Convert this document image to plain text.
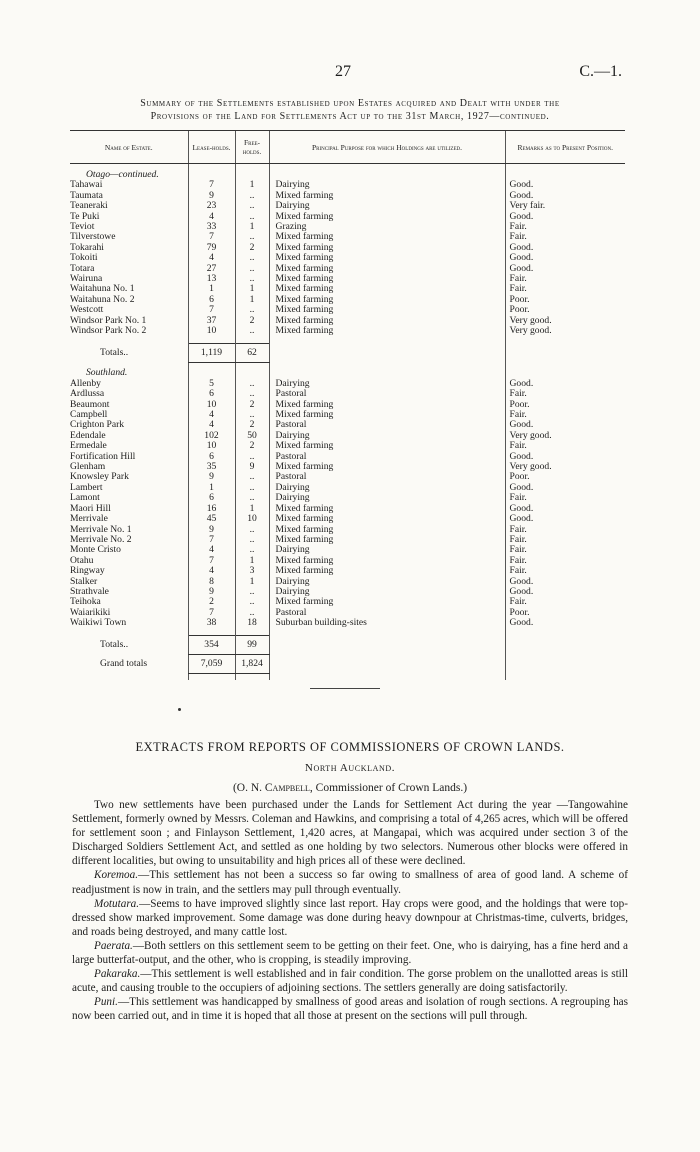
27	C.—1.
Summary of the Settlements established upon Estates acquired and Dealt with under the
Provisions of the Land for Settlements Act up to the 31st March, 1927—continued.
Name of Estate.	Lease-holds.	Free-holds.	Principal Purpose for which Holdings are utilized.	Remarks as to Present Position.
Otago—continued.				
Tahawai	7	1	Dairying	Good.
Taumata	9	..	Mixed farming	Good.
Teaneraki	23	..	Dairying	Very fair.
Te Puki	4	..	Mixed farming	Good.
Teviot	33	1	Grazing	Fair.
Tilverstowe	7	..	Mixed farming	Fair.
Tokarahi	79	2	Mixed farming	Good.
Tokoiti	4	..	Mixed farming	Good.
Totara	27	..	Mixed farming	Good.
Wairuna	13	..	Mixed farming	Fair.
Waitahuna No. 1	1	1	Mixed farming	Fair.
Waitahuna No. 2	6	1	Mixed farming	Poor.
Westcott	7	..	Mixed farming	Poor.
Windsor Park No. 1	37	2	Mixed farming	Very good.
Windsor Park No. 2	10	..	Mixed farming	Very good.

Totals..	1,119	62		
Southland.				
Allenby	5	..	Dairying	Good.
Ardlussa	6	..	Pastoral	Fair.
Beaumont	10	2	Mixed farming	Poor.
Campbell	4	..	Mixed farming	Fair.
Crighton Park	4	2	Pastoral	Good.
Edendale	102	50	Dairying	Very good.
Ermedale	10	2	Mixed farming	Fair.
Fortification Hill	6	..	Pastoral	Good.
Glenham	35	9	Mixed farming	Very good.
Knowsley Park	9	..	Pastoral	Poor.
Lambert	1	..	Dairying	Good.
Lamont	6	..	Dairying	Fair.
Maori Hill	16	1	Mixed farming	Good.
Merrivale	45	10	Mixed farming	Good.
Merrivale No. 1	9	..	Mixed farming	Fair.
Merrivale No. 2	7	..	Mixed farming	Fair.
Monte Cristo	4	..	Dairying	Fair.
Otahu	7	1	Mixed farming	Fair.
Ringway	4	3	Mixed farming	Fair.
Stalker	8	1	Dairying	Good.
Strathvale	9	..	Dairying	Good.
Teihoka	2	..	Mixed farming	Fair.
Waiarikiki	7	..	Pastoral	Poor.
Waikiwi Town	38	18	Suburban building-sites	Good.

Totals..	354	99		
Grand totals	7,059	1,824		

EXTRACTS FROM REPORTS OF COMMISSIONERS OF CROWN LANDS.
North Auckland.
(O. N. Campbell, Commissioner of Crown Lands.)

Two new settlements have been purchased under the Lands for Settlement Act during the year —Tangowahine Settlement, formerly owned by Messrs. Coleman and Hawkins, and comprising a total of 4,265 acres, which will be offered for settlement soon ; and Finlayson Settlement, 1,420 acres, at Mangapai, which was acquired under section 3 of the Discharged Soldiers Settlement Act, and settled as one holding by two selectors. Numerous other blocks were offered in different localities, but owing to unsuitability and high prices all of these were declined.

Koremoa.—This settlement has not been a success so far owing to smallness of area of good land. A scheme of readjustment is now in train, and the settlers may pull through eventually.

Motutara.—Seems to have improved slightly since last report. Hay crops were good, and the holdings that were top-dressed show marked improvement. Some damage was done during heavy downpour at Christmas-time, culverts, bridges, and roads being destroyed, and many cattle lost.

Paerata.—Both settlers on this settlement seem to be getting on their feet. One, who is dairying, has a fine herd and a large butterfat-output, and the other, who is cropping, is steadily improving.

Pakaraka.—This settlement is well established and in fair condition. The gorse problem on the unallotted areas is still acute, and causing trouble to the occupiers of adjoining sections. The settlers generally are doing satisfactorily.

Puni.—This settlement was handicapped by smallness of good areas and isolation of rough sections. A regrouping has now been carried out, and in time it is hoped that all those at present on the sections will pull through.
